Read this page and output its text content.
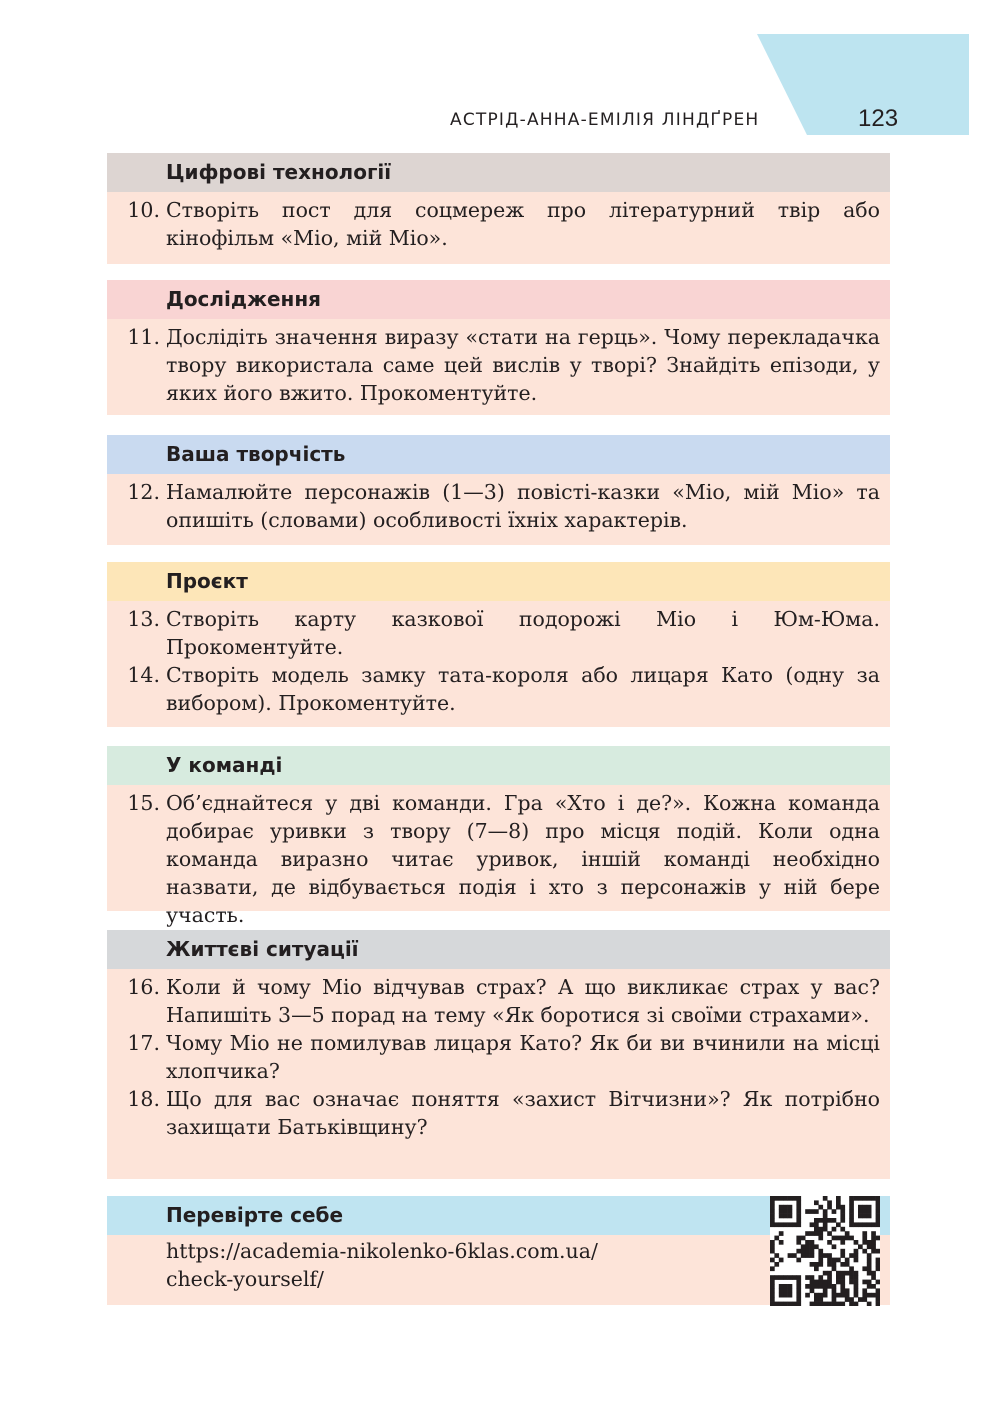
АСТРІД-АННА-ЕМІЛІЯ ЛІНДҐРЕН	123
Цифрові технології
10. Створіть пост для соцмереж про літературний твір або кінофільм «Міо, мій Міо».
Дослідження
11. Дослідіть значення виразу «стати на герць». Чому перекладачка твору використала саме цей вислів у творі? Знайдіть епізоди, у яких його вжито. Прокоментуйте.
Ваша творчість
12. Намалюйте персонажів (1—3) повісті-казки «Міо, мій Міо» та опишіть (словами) особливості їхніх характерів.
Проєкт
13. Створіть карту казкової подорожі Міо і Юм-Юма. Прокоментуйте.
14. Створіть модель замку тата-короля або лицаря Като (одну за вибором). Прокоментуйте.
У команді
15. Об’єднайтеся у дві команди. Гра «Хто і де?». Кожна команда добирає уривки з твору (7—8) про місця подій. Коли одна команда виразно читає уривок, іншій команді необхідно назвати, де відбувається подія і хто з персонажів у ній бере участь.
Життєві ситуації
16. Коли й чому Міо відчував страх? А що викликає страх у вас? Напишіть 3—5 порад на тему «Як боротися зі своїми страхами».
17. Чому Міо не помилував лицаря Като? Як би ви вчинили на місці хлопчика?
18. Що для вас означає поняття «захист Вітчизни»? Як потрібно захищати Батьківщину?
Перевірте себе
https://academia-nikolenko-6klas.com.ua/
check-yourself/
